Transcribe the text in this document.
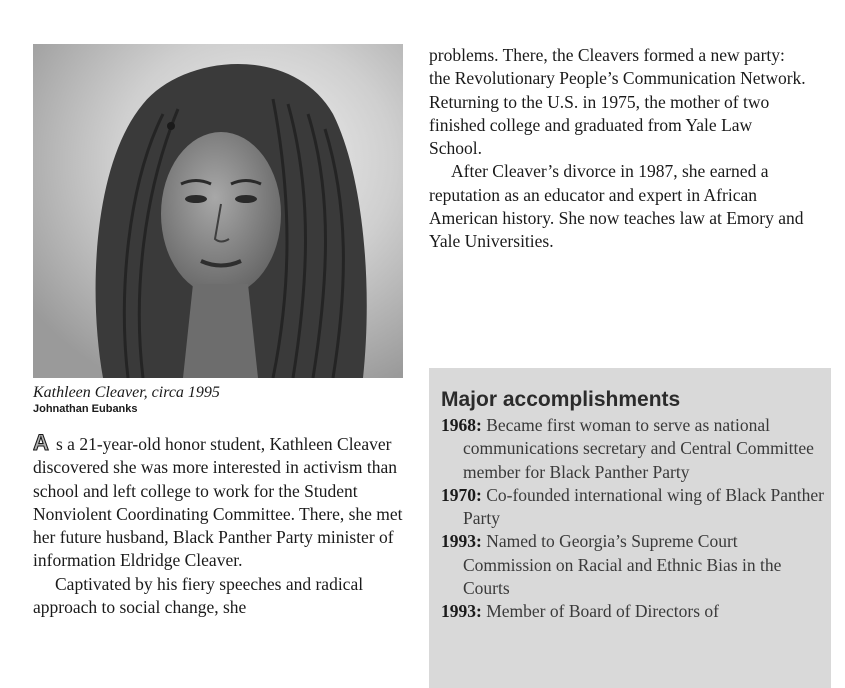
Kathleen Cleaver, circa 1995
Johnathan Eubanks

A s a 21-year-old honor student, Kathleen Cleaver discovered she was more interested in activism than school and left college to work for the Student Nonviolent Coordinating Committee. There, she met her future husband, Black Panther Party minister of information Eldridge Cleaver.

Captivated by his fiery speeches and radical approach to social change, she

problems. There, the Cleavers formed a new party: the Revolutionary People’s Communication Network. Returning to the U.S. in 1975, the mother of two finished college and graduated from Yale Law School.

After Cleaver’s divorce in 1987, she earned a reputation as an educator and expert in African American history. She now teaches law at Emory and Yale Universities.

Major accomplishments
1968: Became first woman to serve as national communications secretary and Central Committee member for Black Panther Party
1970: Co-founded international wing of Black Panther Party
1993: Named to Georgia’s Supreme Court Commission on Racial and Ethnic Bias in the Courts
1993: Member of Board of Directors of
